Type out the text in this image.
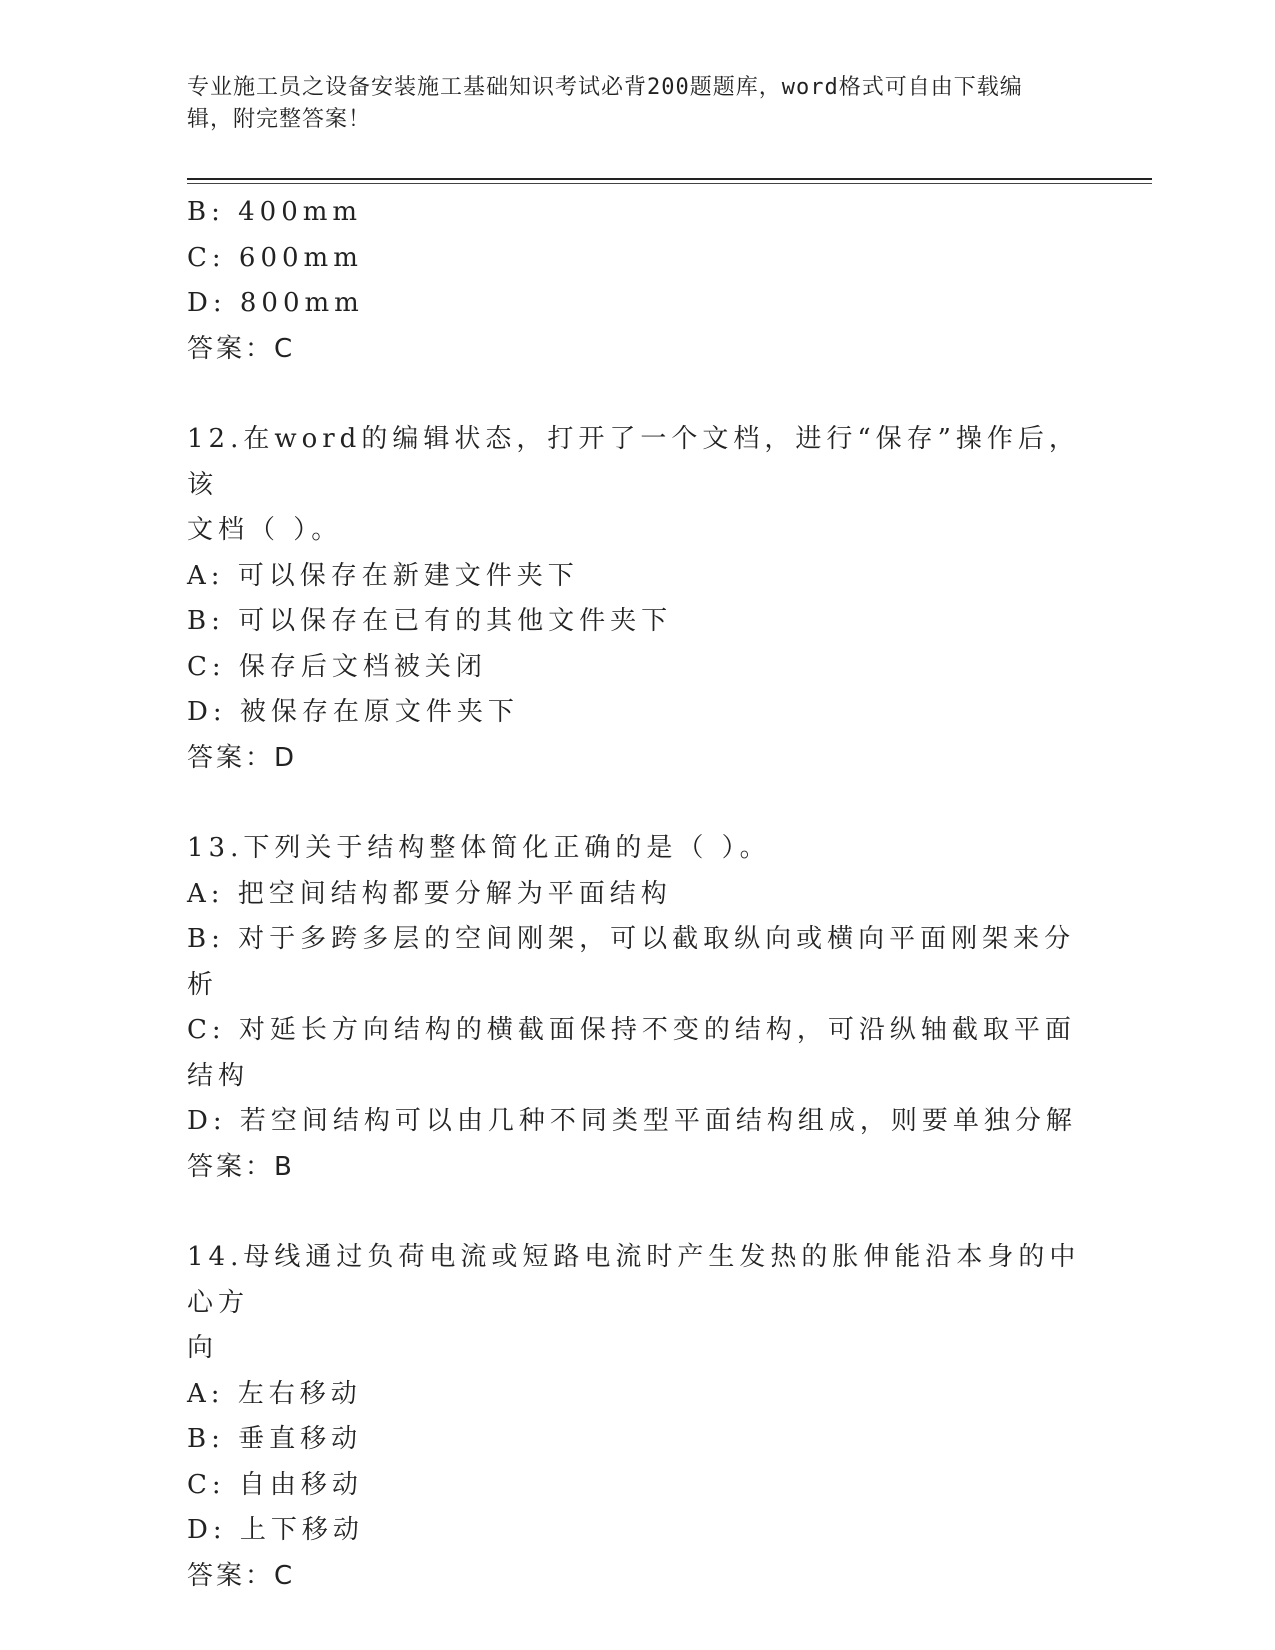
专业施工员之设备安装施工基础知识考试必背200题题库，word格式可自由下载编辑，附完整答案！

B: 400mm

C: 600mm

D: 800mm

答案：C

12.在word的编辑状态，打开了一个文档，进行“保存”操作后，该

文档（ ）。

A: 可以保存在新建文件夹下

B: 可以保存在已有的其他文件夹下

C: 保存后文档被关闭

D: 被保存在原文件夹下

答案：D

13.下列关于结构整体简化正确的是（ ）。

A: 把空间结构都要分解为平面结构

B: 对于多跨多层的空间刚架，可以截取纵向或横向平面刚架来分析

C: 对延长方向结构的横截面保持不变的结构，可沿纵轴截取平面结构

D: 若空间结构可以由几种不同类型平面结构组成，则要单独分解

答案：B

14.母线通过负荷电流或短路电流时产生发热的胀伸能沿本身的中心方

向

A: 左右移动

B: 垂直移动

C: 自由移动

D: 上下移动

答案：C
